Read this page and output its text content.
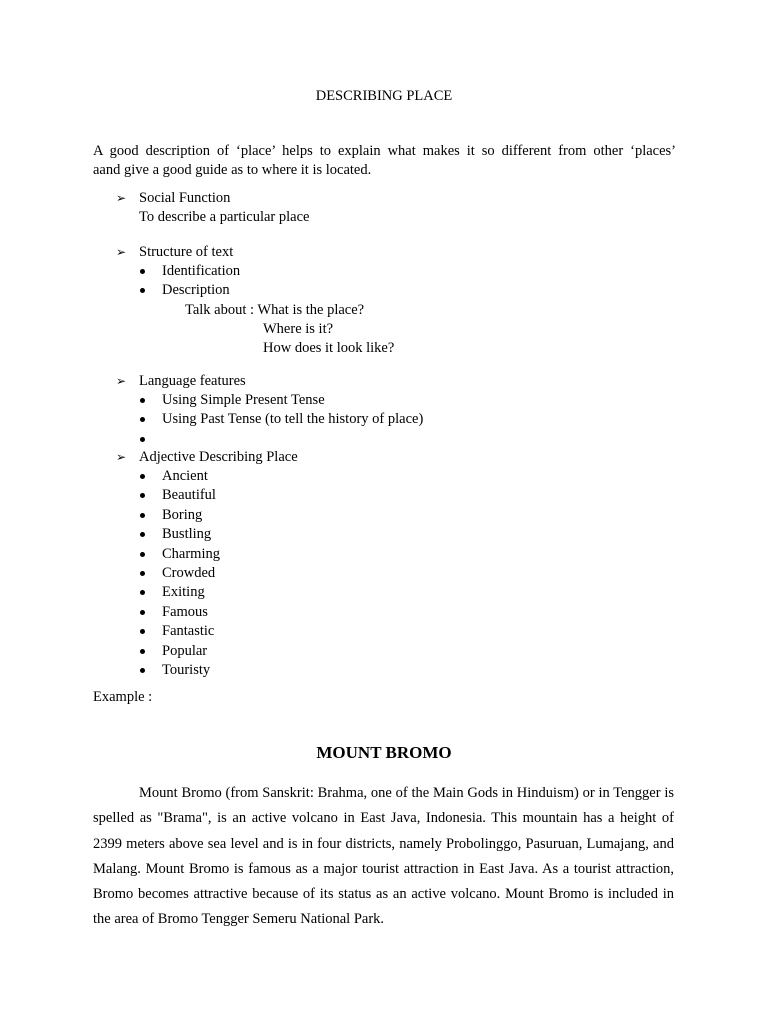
DESCRIBING PLACE
A good description of ‘place’ helps to explain what makes it so different from other ‘places’
aand give a good guide as to where it is located.
➢ Social Function
To describe a particular place
➢ Structure of text
Identification
Description
Talk about : What is the place?
Where is it?
How does it look like?
➢ Language features
Using Simple Present Tense
Using Past Tense (to tell the history of place)
➢ Adjective Describing Place
Ancient
Beautiful
Boring
Bustling
Charming
Crowded
Exiting
Famous
Fantastic
Popular
Touristy
Example :
MOUNT BROMO
Mount Bromo (from Sanskrit: Brahma, one of the Main Gods in Hinduism) or in Tengger is spelled as "Brama", is an active volcano in East Java, Indonesia. This mountain has a height of 2399 meters above sea level and is in four districts, namely Probolinggo, Pasuruan, Lumajang, and Malang. Mount Bromo is famous as a major tourist attraction in East Java. As a tourist attraction, Bromo becomes attractive because of its status as an active volcano. Mount Bromo is included in the area of Bromo Tengger Semeru National Park.
